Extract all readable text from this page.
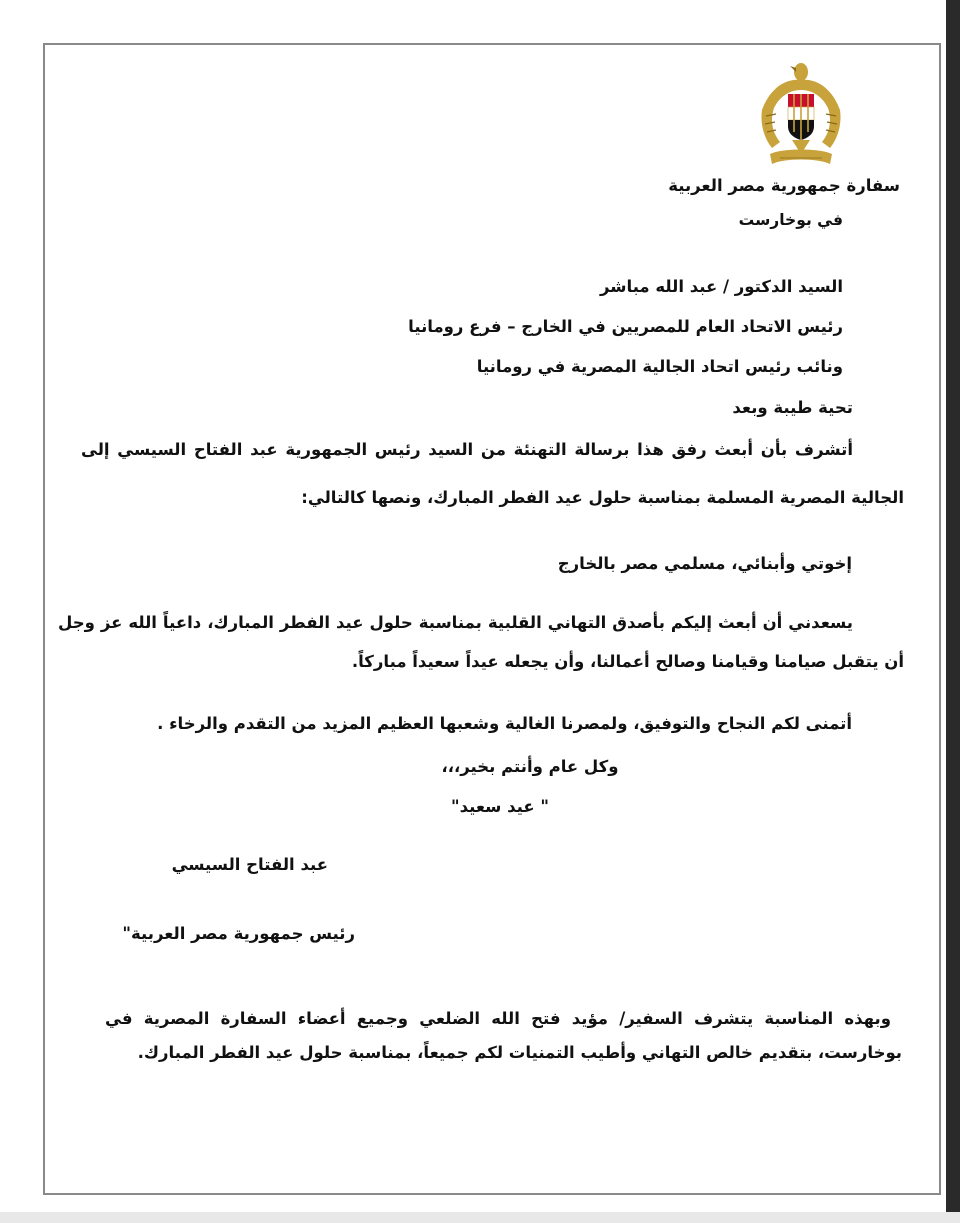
سفارة جمهورية مصر العربية
في بوخارست
السيد الدكتور / عبد الله مباشر
رئيس الاتحاد العام للمصريين في الخارج – فرع رومانيا
ونائب رئيس اتحاد الجالية المصرية في رومانيا
تحية طيبة وبعد
أتشرف بأن أبعث رفق هذا برسالة التهنئة من السيد رئيس الجمهورية عبد الفتاح السيسي إلى
الجالية المصرية المسلمة بمناسبة حلول عيد الفطر المبارك، ونصها كالتالي:
إخوتي وأبنائي، مسلمي مصر بالخارج
يسعدني أن أبعث إليكم بأصدق التهاني القلبية بمناسبة حلول عيد الفطر المبارك، داعياً الله عز وجل
أن يتقبل صيامنا وقيامنا وصالح أعمالنا، وأن يجعله عيداً سعيداً مباركاً.
أتمنى لكم النجاح والتوفيق، ولمصرنا الغالية وشعبها العظيم المزيد من التقدم والرخاء .
وكل عام وأنتم بخير،،،
" عيد سعيد"
عبد الفتاح السيسي
رئيس جمهورية مصر العربية"
وبهذه المناسبة يتشرف السفير/ مؤيد فتح الله الضلعي وجميع أعضاء السفارة المصرية في
بوخارست، بتقديم خالص التهاني وأطيب التمنيات لكم جميعاً، بمناسبة حلول عيد الفطر المبارك.
